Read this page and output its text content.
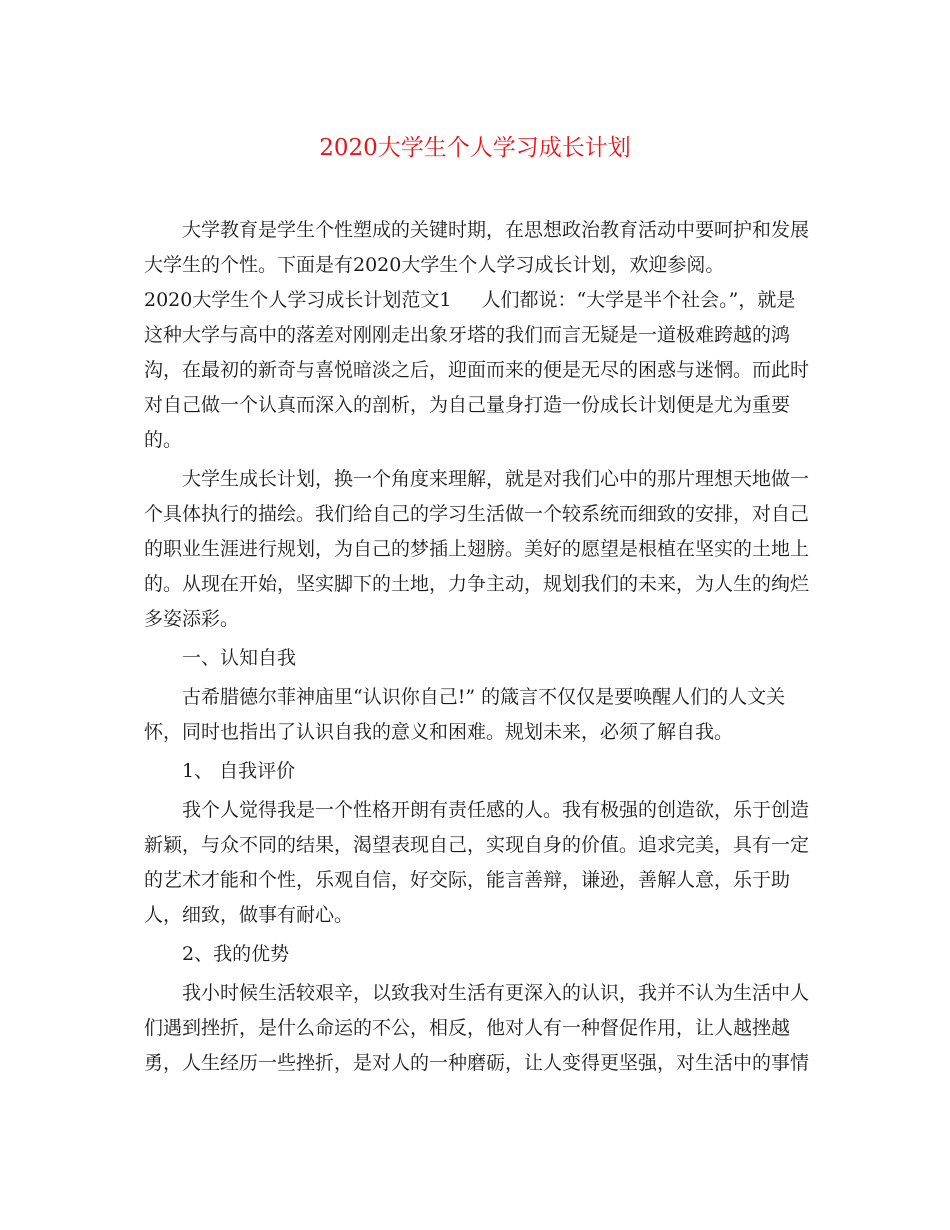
2020大学生个人学习成长计划
大学教育是学生个性塑成的关键时期，在思想政治教育活动中要呵护和发展
大学生的个性。下面是有2020大学生个人学习成长计划，欢迎参阅。
2020大学生个人学习成长计划范文1 人们都说：“大学是半个社会。”，就是
这种大学与高中的落差对刚刚走出象牙塔的我们而言无疑是一道极难跨越的鸿
沟，在最初的新奇与喜悦暗淡之后，迎面而来的便是无尽的困惑与迷惘。而此时
对自己做一个认真而深入的剖析，为自己量身打造一份成长计划便是尤为重要
的。
大学生成长计划，换一个角度来理解，就是对我们心中的那片理想天地做一
个具体执行的描绘。我们给自己的学习生活做一个较系统而细致的安排，对自己
的职业生涯进行规划，为自己的梦插上翅膀。美好的愿望是根植在坚实的土地上
的。从现在开始，坚实脚下的土地，力争主动，规划我们的未来，为人生的绚烂
多姿添彩。
一、认知自我
古希腊德尔菲神庙里“认识你自己!” 的箴言不仅仅是要唤醒人们的人文关
怀，同时也指出了认识自我的意义和困难。规划未来，必须了解自我。
1、 自我评价
我个人觉得我是一个性格开朗有责任感的人。我有极强的创造欲，乐于创造
新颖，与众不同的结果，渴望表现自己，实现自身的价值。追求完美，具有一定
的艺术才能和个性，乐观自信，好交际，能言善辩，谦逊，善解人意，乐于助
人，细致，做事有耐心。
2、我的优势
我小时候生活较艰辛，以致我对生活有更深入的认识，我并不认为生活中人
们遇到挫折，是什么命运的不公，相反，他对人有一种督促作用，让人越挫越
勇，人生经历一些挫折，是对人的一种磨砺，让人变得更坚强，对生活中的事情
